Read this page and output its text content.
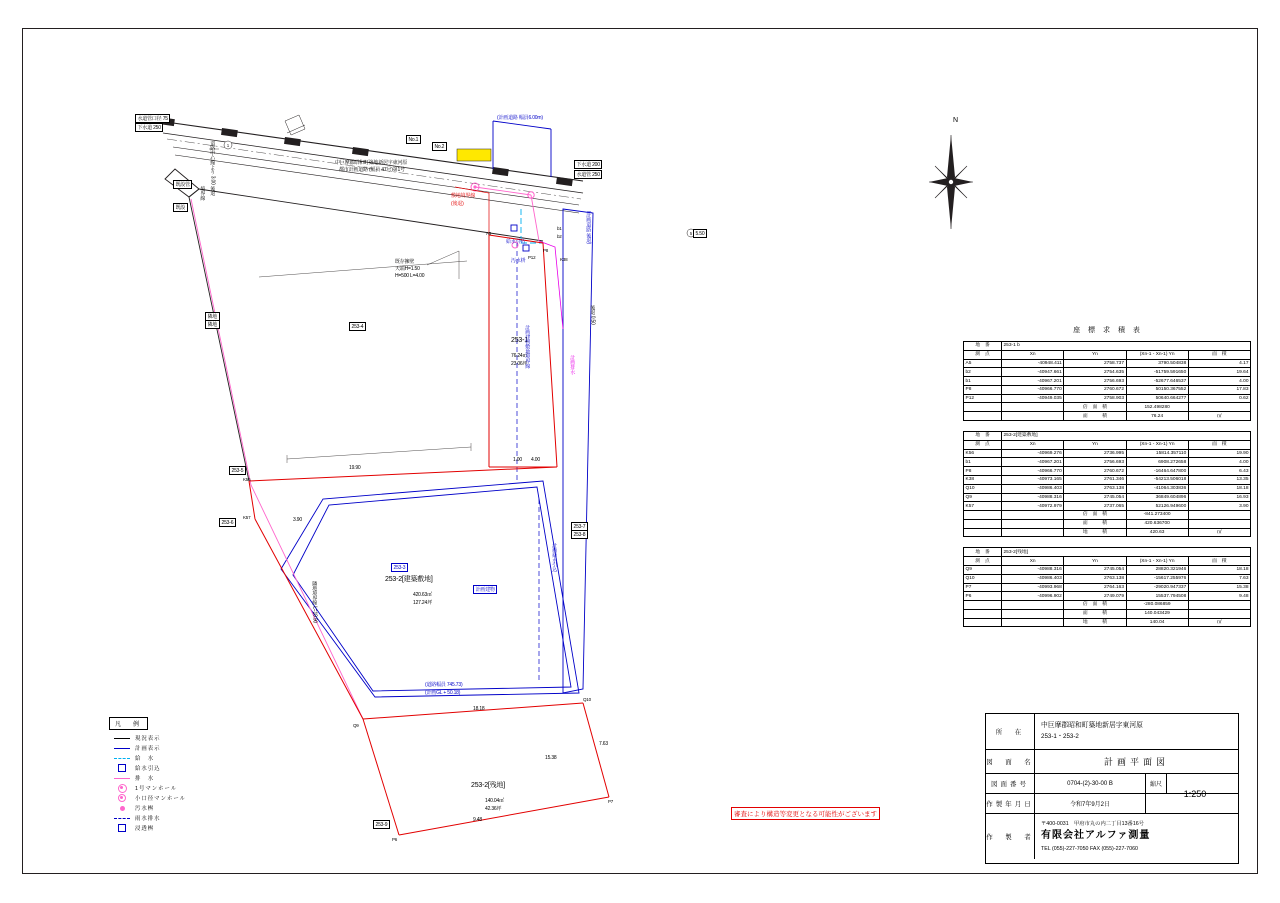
1
5
中巨摩郡昭和町築地新居字東河原
都市計画道路 (幅員 47号)第1号
253-1
76.24㎡
23.06坪
253-2[建築敷地]
420.63㎡
127.24坪
253-2[残地]
140.04㎡
42.36坪
既存擁壁
天端H=1.50
H=500 L=4.00
253-4
253-3
K56
K57
Q10
Q9
P6
P7
P8
P12
A5
b1
b2
K38
1.00 4.00
19.90
18.18
15.38
9.48
7.63
3.90
(計画道路 幅員6.00m)
給水引込
汚水枡
(計画道路 後退)
計画建物
(道路幅員 745.73)
(計画GL + 50.18)
敷地境界線
(後退)
道路中心線より 3.00 後退
境界線
計画建物敷地境界線
隣地境界線 L=19.90
計画給水引込
計画排水
後退 0.50
水道管口径 75
下水道 250
No.1
No.2
下水道 200
水道管 250
既設管
既設
隣地
隣地
253-5
253-6
253-7
253-8
253-9
5.50
N
座 標 求 積 表
地　番	253-1 b			
測　点	Xn	Yn	(Xn-1 - Xn-1) Yn	面　積
A5	-40948.411	2758.737	3790.504838	4.17
b2	-40947.661	2754.635	-51759.591650	19.64
b1	-40967.201	2756.693	-52677.646537	4.00
P8	-40966.770	2760.672	50150.367552	17.83
P12	-40949.035	2758.903	50640.664277	0.62
		倍　面　積	152.498280	
		面　　　積	76.24	㎡
地　番	253-2[建築敷地]			
測　点	Xn	Yn	(Xn-1 - Xn-1) Yn	面　積
K56	-40969.276	2736.995	15814.357110	19.90
b1	-40967.201	2756.693	6908.272658	4.00
P8	-40966.770	2760.672	-16464.647800	6.43
K38	-40973.165	2761.346	-54213.506018	13.35
Q10	-40986.403	2763.138	-41064.303836	18.18
Q9	-40988.316	2745.054	36849.604896	16.93
K57	-40972.979	2737.065	52126.949600	3.90
		倍　面　積	-841.273400	
		面　　　積	420.636700	
		地　　　積	420.63	㎡
地　番	253-2[残地]			
測　点	Xn	Yn	(Xn-1 - Xn-1) Yn	面　積
Q9	-40988.316	2745.054	28820.321946	18.18
Q10	-40986.403	2763.138	-15617.255976	7.63
P7	-40993.968	2764.163	-29020.947337	15.38
P6	-40996.902	2749.079	15537.794508	9.48
		倍　面　積	-280.086859	
		面　　　積	140.043429	
		地　　　積	140.04	㎡
所　在
中巨摩郡昭和町築地新居字東河原
253-1・253-2
図　面　名	計画平面図
図面番号	0704-(2)-30-00 B	縮尺
1:250
作製年月日	令和7年9月2日
作　製　者
〒400-0031　甲府市丸の内二丁目13番16号
有限会社アルファ測量
TEL (055)-227-7050 FAX (055)-227-7060
凡　例
現況表示
計画表示
給　水
給水引込
排　水
1号マンホール
小口径マンホール
汚水桝
雨水排水
浸透桝
審査により構造等変更となる可能性がございます
